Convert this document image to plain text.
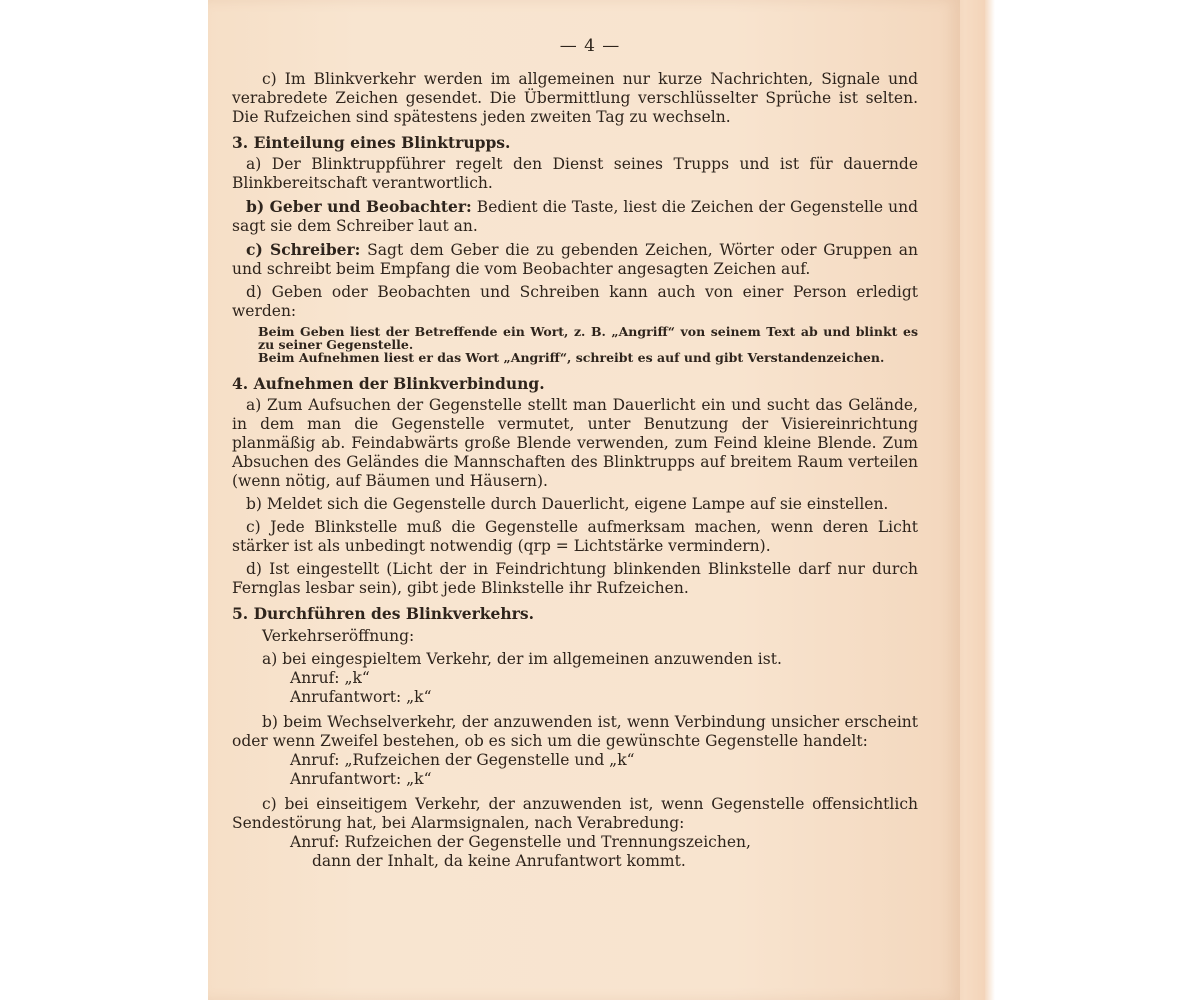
— 4 —

c) Im Blinkverkehr werden im allgemeinen nur kurze Nachrichten, Signale und verabredete Zeichen gesendet. Die Übermittlung verschlüsselter Sprüche ist selten. Die Rufzeichen sind spätestens jeden zweiten Tag zu wechseln.

3. Einteilung eines Blinktrupps.

a) Der Blinktruppführer regelt den Dienst seines Trupps und ist für dauernde Blinkbereitschaft verantwortlich.

b) Geber und Beobachter: Bedient die Taste, liest die Zeichen der Gegenstelle und sagt sie dem Schreiber laut an.

c) Schreiber: Sagt dem Geber die zu gebenden Zeichen, Wörter oder Gruppen an und schreibt beim Empfang die vom Beobachter angesagten Zeichen auf.

d) Geben oder Beobachten und Schreiben kann auch von einer Person erledigt werden:

Beim Geben liest der Betreffende ein Wort, z. B. „Angriff“ von seinem Text ab und blinkt es zu seiner Gegenstelle.

Beim Aufnehmen liest er das Wort „Angriff“, schreibt es auf und gibt Verstandenzeichen.

4. Aufnehmen der Blinkverbindung.

a) Zum Aufsuchen der Gegenstelle stellt man Dauerlicht ein und sucht das Gelände, in dem man die Gegenstelle vermutet, unter Benutzung der Visiereinrichtung planmäßig ab. Feindabwärts große Blende verwenden, zum Feind kleine Blende. Zum Absuchen des Geländes die Mannschaften des Blinktrupps auf breitem Raum verteilen (wenn nötig, auf Bäumen und Häusern).

b) Meldet sich die Gegenstelle durch Dauerlicht, eigene Lampe auf sie einstellen.

c) Jede Blinkstelle muß die Gegenstelle aufmerksam machen, wenn deren Licht stärker ist als unbedingt notwendig (qrp = Lichtstärke vermindern).

d) Ist eingestellt (Licht der in Feindrichtung blinkenden Blinkstelle darf nur durch Fernglas lesbar sein), gibt jede Blinkstelle ihr Rufzeichen.

5. Durchführen des Blinkverkehrs.
Verkehrseröffnung:

a) bei eingespieltem Verkehr, der im allgemeinen anzuwenden ist.

Anruf: „k“

Anrufantwort: „k“

b) beim Wechselverkehr, der anzuwenden ist, wenn Verbindung unsicher erscheint oder wenn Zweifel bestehen, ob es sich um die gewünschte Gegenstelle handelt:

Anruf: „Rufzeichen der Gegenstelle und „k“

Anrufantwort: „k“

c) bei einseitigem Verkehr, der anzuwenden ist, wenn Gegenstelle offensichtlich Sendestörung hat, bei Alarmsignalen, nach Verabredung:

Anruf: Rufzeichen der Gegenstelle und Trennungszeichen,

dann der Inhalt, da keine Anrufantwort kommt.
